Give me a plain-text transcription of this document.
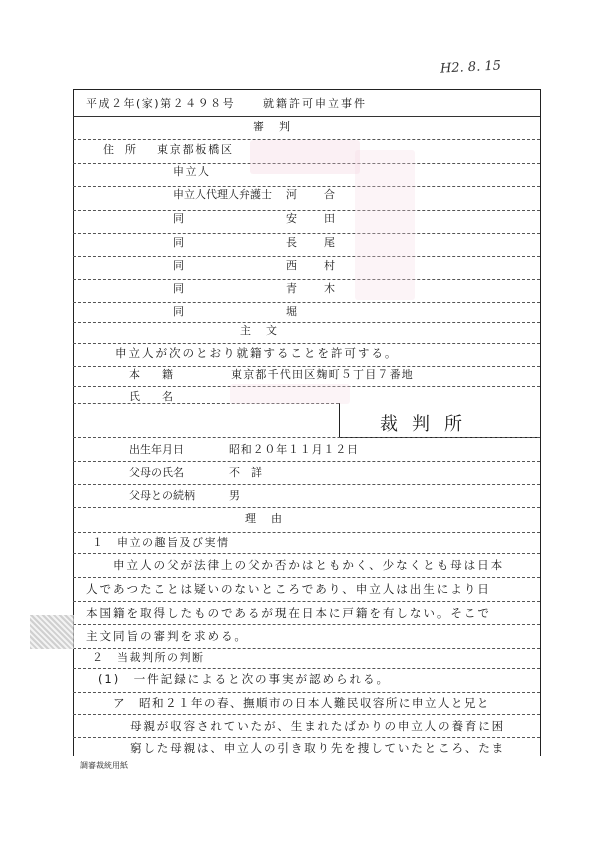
H2. 8. 15
平成２年(家)第２４９８号	就籍許可申立事件
審　判
住　所 東京都板橋区
申立人
申立人代理人弁護士 河 合
同	安 田
同	長 尾
同	西 村
同	青 木
同	堀
主　文
申立人が次のとおり就籍することを許可する。
本　　籍	東京都千代田区麹町５丁目７番地
氏　　名
裁判所
出生年月日	昭和２０年１１月１２日
父母の氏名	不　詳
父母との続柄	男
理　由
１　申立の趣旨及び実情
申立人の父が法律上の父か否かはともかく、少なくとも母は日本
人であつたことは疑いのないところであり、申立人は出生により日
本国籍を取得したものであるが現在日本に戸籍を有しない。そこで
主文同旨の審判を求める。
２　当裁判所の判断
(1)　一件記録によると次の事実が認められる。
ア　昭和２１年の春、撫順市の日本人難民収容所に申立人と兄と
母親が収容されていたが、生まれたばかりの申立人の養育に困
窮した母親は、申立人の引き取り先を捜していたところ、たま
調審裁統用紙
